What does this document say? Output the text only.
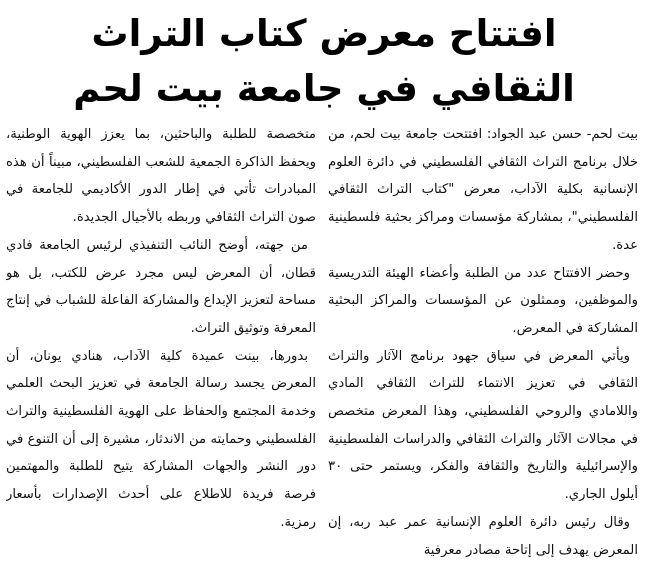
افتتاح معرض كتاب التراث
الثقافي في جامعة بيت لحم

بيت لحم- حسن عبد الجواد: افتتحت جامعة بيت لحم، من خلال برنامج التراث الثقافي الفلسطيني في دائرة العلوم الإنسانية بكلية الآداب، معرض "كتاب التراث الثقافي الفلسطيني"، بمشاركة مؤسسات ومراكز بحثية فلسطينية عدة.

وحضر الافتتاح عدد من الطلبة وأعضاء الهيئة التدريسية والموظفين، وممثلون عن المؤسسات والمراكز البحثية المشاركة في المعرض.

ويأتي المعرض في سياق جهود برنامج الآثار والتراث الثقافي في تعزيز الانتماء للتراث الثقافي المادي واللامادي والروحي الفلسطيني، وهذا المعرض متخصص في مجالات الآثار والتراث الثقافي والدراسات الفلسطينية والإسرائيلية والتاريخ والثقافة والفكر، ويستمر حتى ٣٠ أيلول الجاري.

وقال رئيس دائرة العلوم الإنسانية عمر عبد ربه، إن المعرض يهدف إلى إتاحة مصادر معرفية

متخصصة للطلبة والباحثين، بما يعزز الهوية الوطنية، ويحفظ الذاكرة الجمعية للشعب الفلسطيني، مبيناً أن هذه المبادرات تأتي في إطار الدور الأكاديمي للجامعة في صون التراث الثقافي وربطه بالأجيال الجديدة.

من جهته، أوضح النائب التنفيذي لرئيس الجامعة فادي قطان، أن المعرض ليس مجرد عرض للكتب، بل هو مساحة لتعزيز الإبداع والمشاركة الفاعلة للشباب في إنتاج المعرفة وتوثيق التراث.

بدورها، بينت عميدة كلية الآداب، هنادي يونان، أن المعرض يجسد رسالة الجامعة في تعزيز البحث العلمي وخدمة المجتمع والحفاظ على الهوية الفلسطينية والتراث الفلسطيني وحمايته من الاندثار، مشيرة إلى أن التنوع في دور النشر والجهات المشاركة يتيح للطلبة والمهتمين فرصة فريدة للاطلاع على أحدث الإصدارات بأسعار رمزية.
